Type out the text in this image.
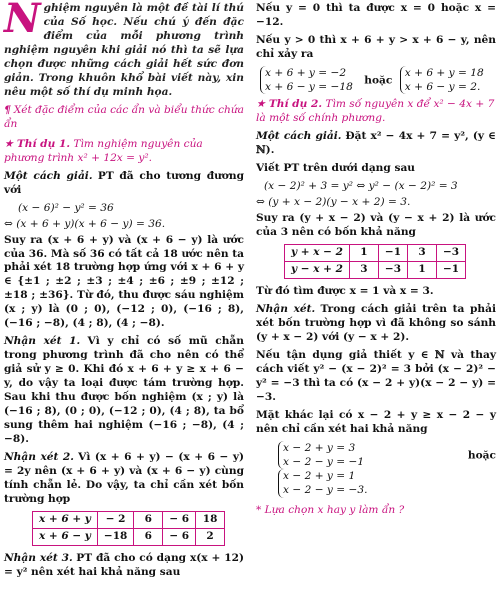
Nghiệm nguyên là một đề tài lí thú của Số học. Nếu chú ý đến đặc điểm của mỗi phương trình nghiệm nguyên khi giải nó thì ta sẽ lựa chọn được những cách giải hết sức đơn giản. Trong khuôn khổ bài viết này, xin nêu một số thí dụ minh họa.
¶ Xét đặc điểm của các ẩn và biểu thức chứa ẩn
★ Thí dụ 1. Tìm nghiệm nguyên của phương trình x² + 12x = y².
Một cách giải. PT đã cho tương đương với
(x − 6)² − y² = 36
⇔ (x + 6 + y)(x + 6 − y) = 36.
Suy ra (x + 6 + y) và (x + 6 − y) là ước của 36. Mà số 36 có tất cả 18 ước nên ta phải xét 18 trường hợp ứng với x + 6 + y ∈ {±1 ; ±2 ; ±3 ; ±4 ; ±6 ; ±9 ; ±12 ; ±18 ; ±36}. Từ đó, thu được sáu nghiệm (x ; y) là (0 ; 0), (−12 ; 0), (−16 ; 8), (−16 ; −8), (4 ; 8), (4 ; −8).
Nhận xét 1. Vì y chỉ có số mũ chẵn trong phương trình đã cho nên có thể giả sử y ≥ 0. Khi đó x + 6 + y ≥ x + 6 − y, do vậy ta loại được tám trường hợp. Sau khi thu được bốn nghiệm (x ; y) là (−16 ; 8), (0 ; 0), (−12 ; 0), (4 ; 8), ta bổ sung thêm hai nghiệm (−16 ; −8), (4 ; −8).
Nhận xét 2. Vì (x + 6 + y) − (x + 6 − y) = 2y nên (x + 6 + y) và (x + 6 − y) cùng tính chẵn lẻ. Do vậy, ta chỉ cần xét bốn trường hợp
x + 6 + y	− 2	6	− 6	18
x + 6 − y	−18	6	− 6	2
Nhận xét 3. PT đã cho có dạng x(x + 12) = y² nên xét hai khả năng sau
Nếu y = 0 thì ta được x = 0 hoặc x = −12.
Nếu y > 0 thì x + 6 + y > x + 6 − y, nên chỉ xảy ra
x + 6 + y = −2
x + 6 − y = −18 hoặc x + 6 + y = 18
x + 6 − y = 2.
★ Thí dụ 2. Tìm số nguyên x để x² − 4x + 7 là một số chính phương.
Một cách giải. Đặt x² − 4x + 7 = y², (y ∈ ℕ).
Viết PT trên dưới dạng sau
(x − 2)² + 3 = y² ⇔ y² − (x − 2)² = 3
⇔ (y + x − 2)(y − x + 2) = 3.
Suy ra (y + x − 2) và (y − x + 2) là ước của 3 nên có bốn khả năng
y + x − 2	1	−1	3	−3
y − x + 2	3	−3	1	−1
Từ đó tìm được x = 1 và x = 3.
Nhận xét. Trong cách giải trên ta phải xét bốn trường hợp vì đã không so sánh (y + x − 2) với (y − x + 2).
Nếu tận dụng giả thiết y ∈ ℕ và thay cách viết y² − (x − 2)² = 3 bởi (x − 2)² − y² = −3 thì ta có (x − 2 + y)(x − 2 − y) = −3.
Mặt khác lại có x − 2 + y ≥ x − 2 − y nên chỉ cần xét hai khả năng
x − 2 + y = 3
x − 2 − y = −1 hoặc x − 2 + y = 1
x − 2 − y = −3.
* Lựa chọn x hay y làm ẩn ?
